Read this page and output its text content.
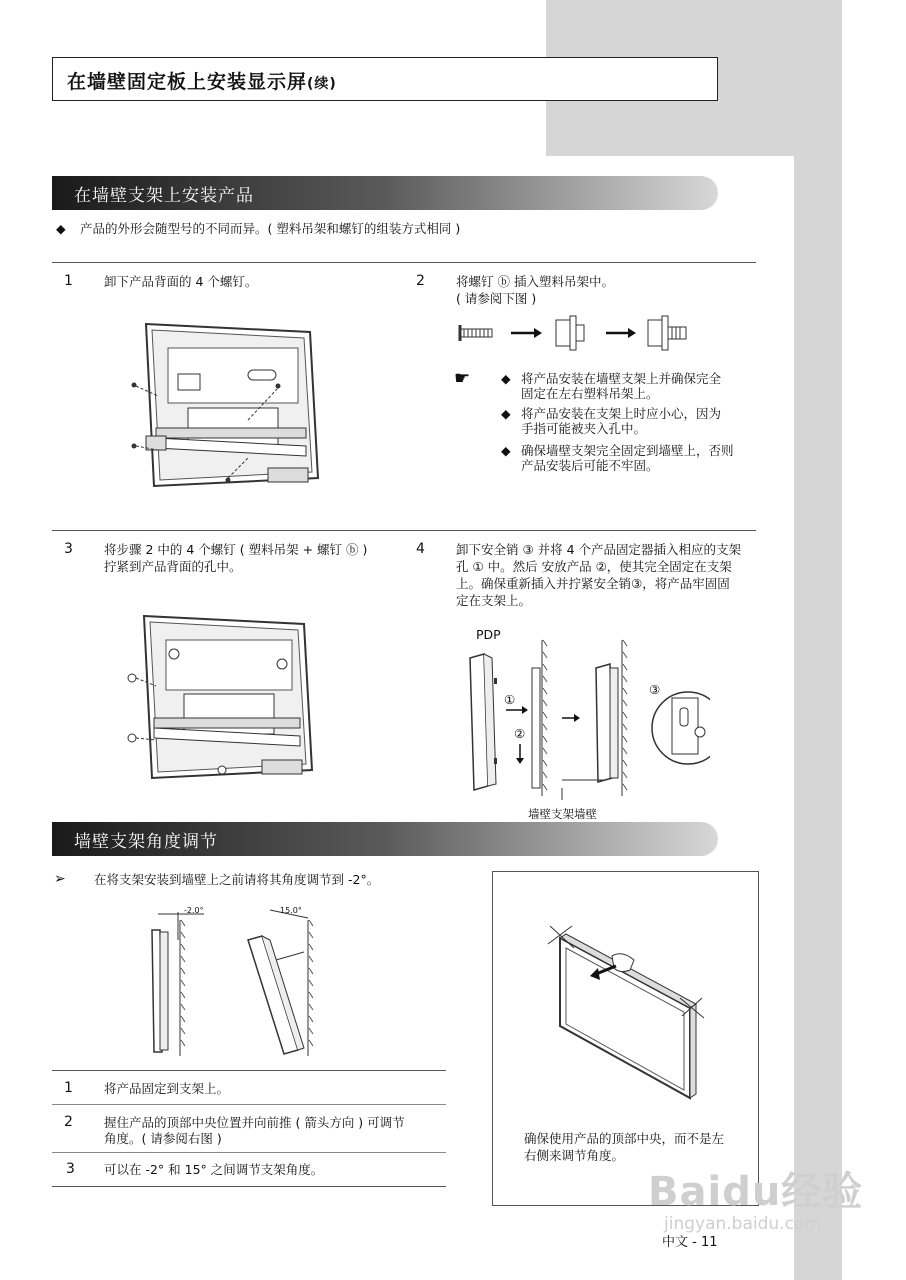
在墙壁固定板上安装显示屏(续)
在墙壁支架上安装产品
◆ 产品的外形会随型号的不同而异。( 塑料吊架和螺钉的组装方式相同 )
1 卸下产品背面的 4 个螺钉。	2 将螺钉 ⓑ 插入塑料吊架中。
( 请参阅下图 )
☛ ◆ 将产品安装在墙壁支架上并确保完全
固定在左右塑料吊架上。
◆ 将产品安装在支架上时应小心，因为
手指可能被夹入孔中。
◆ 确保墙壁支架完全固定到墙壁上，否则
产品安装后可能不牢固。
3 将步骤 2 中的 4 个螺钉 ( 塑料吊架 + 螺钉 ⓑ )
拧紧到产品背面的孔中。
4 卸下安全销 ③ 并将 4 个产品固定器插入相应的支架
孔 ① 中。然后 安放产品 ②，使其完全固定在支架
上。确保重新插入并拧紧安全销③，将产品牢固固
定在支架上。
PDP
①
②
③
墙壁支架墙壁
墙壁支架角度调节
➢ 在将支架安装到墙壁上之前请将其角度调节到 -2°。
-2.0°	15.0°
1 将产品固定到支架上。
2 握住产品的顶部中央位置并向前推 ( 箭头方向 ) 可调节
角度。( 请参阅右图 )
3 可以在 -2° 和 15° 之间调节支架角度。
确保使用产品的顶部中央，而不是左
右侧来调节角度。
中文 - 11
Baidu经验
jingyan.baidu.com
